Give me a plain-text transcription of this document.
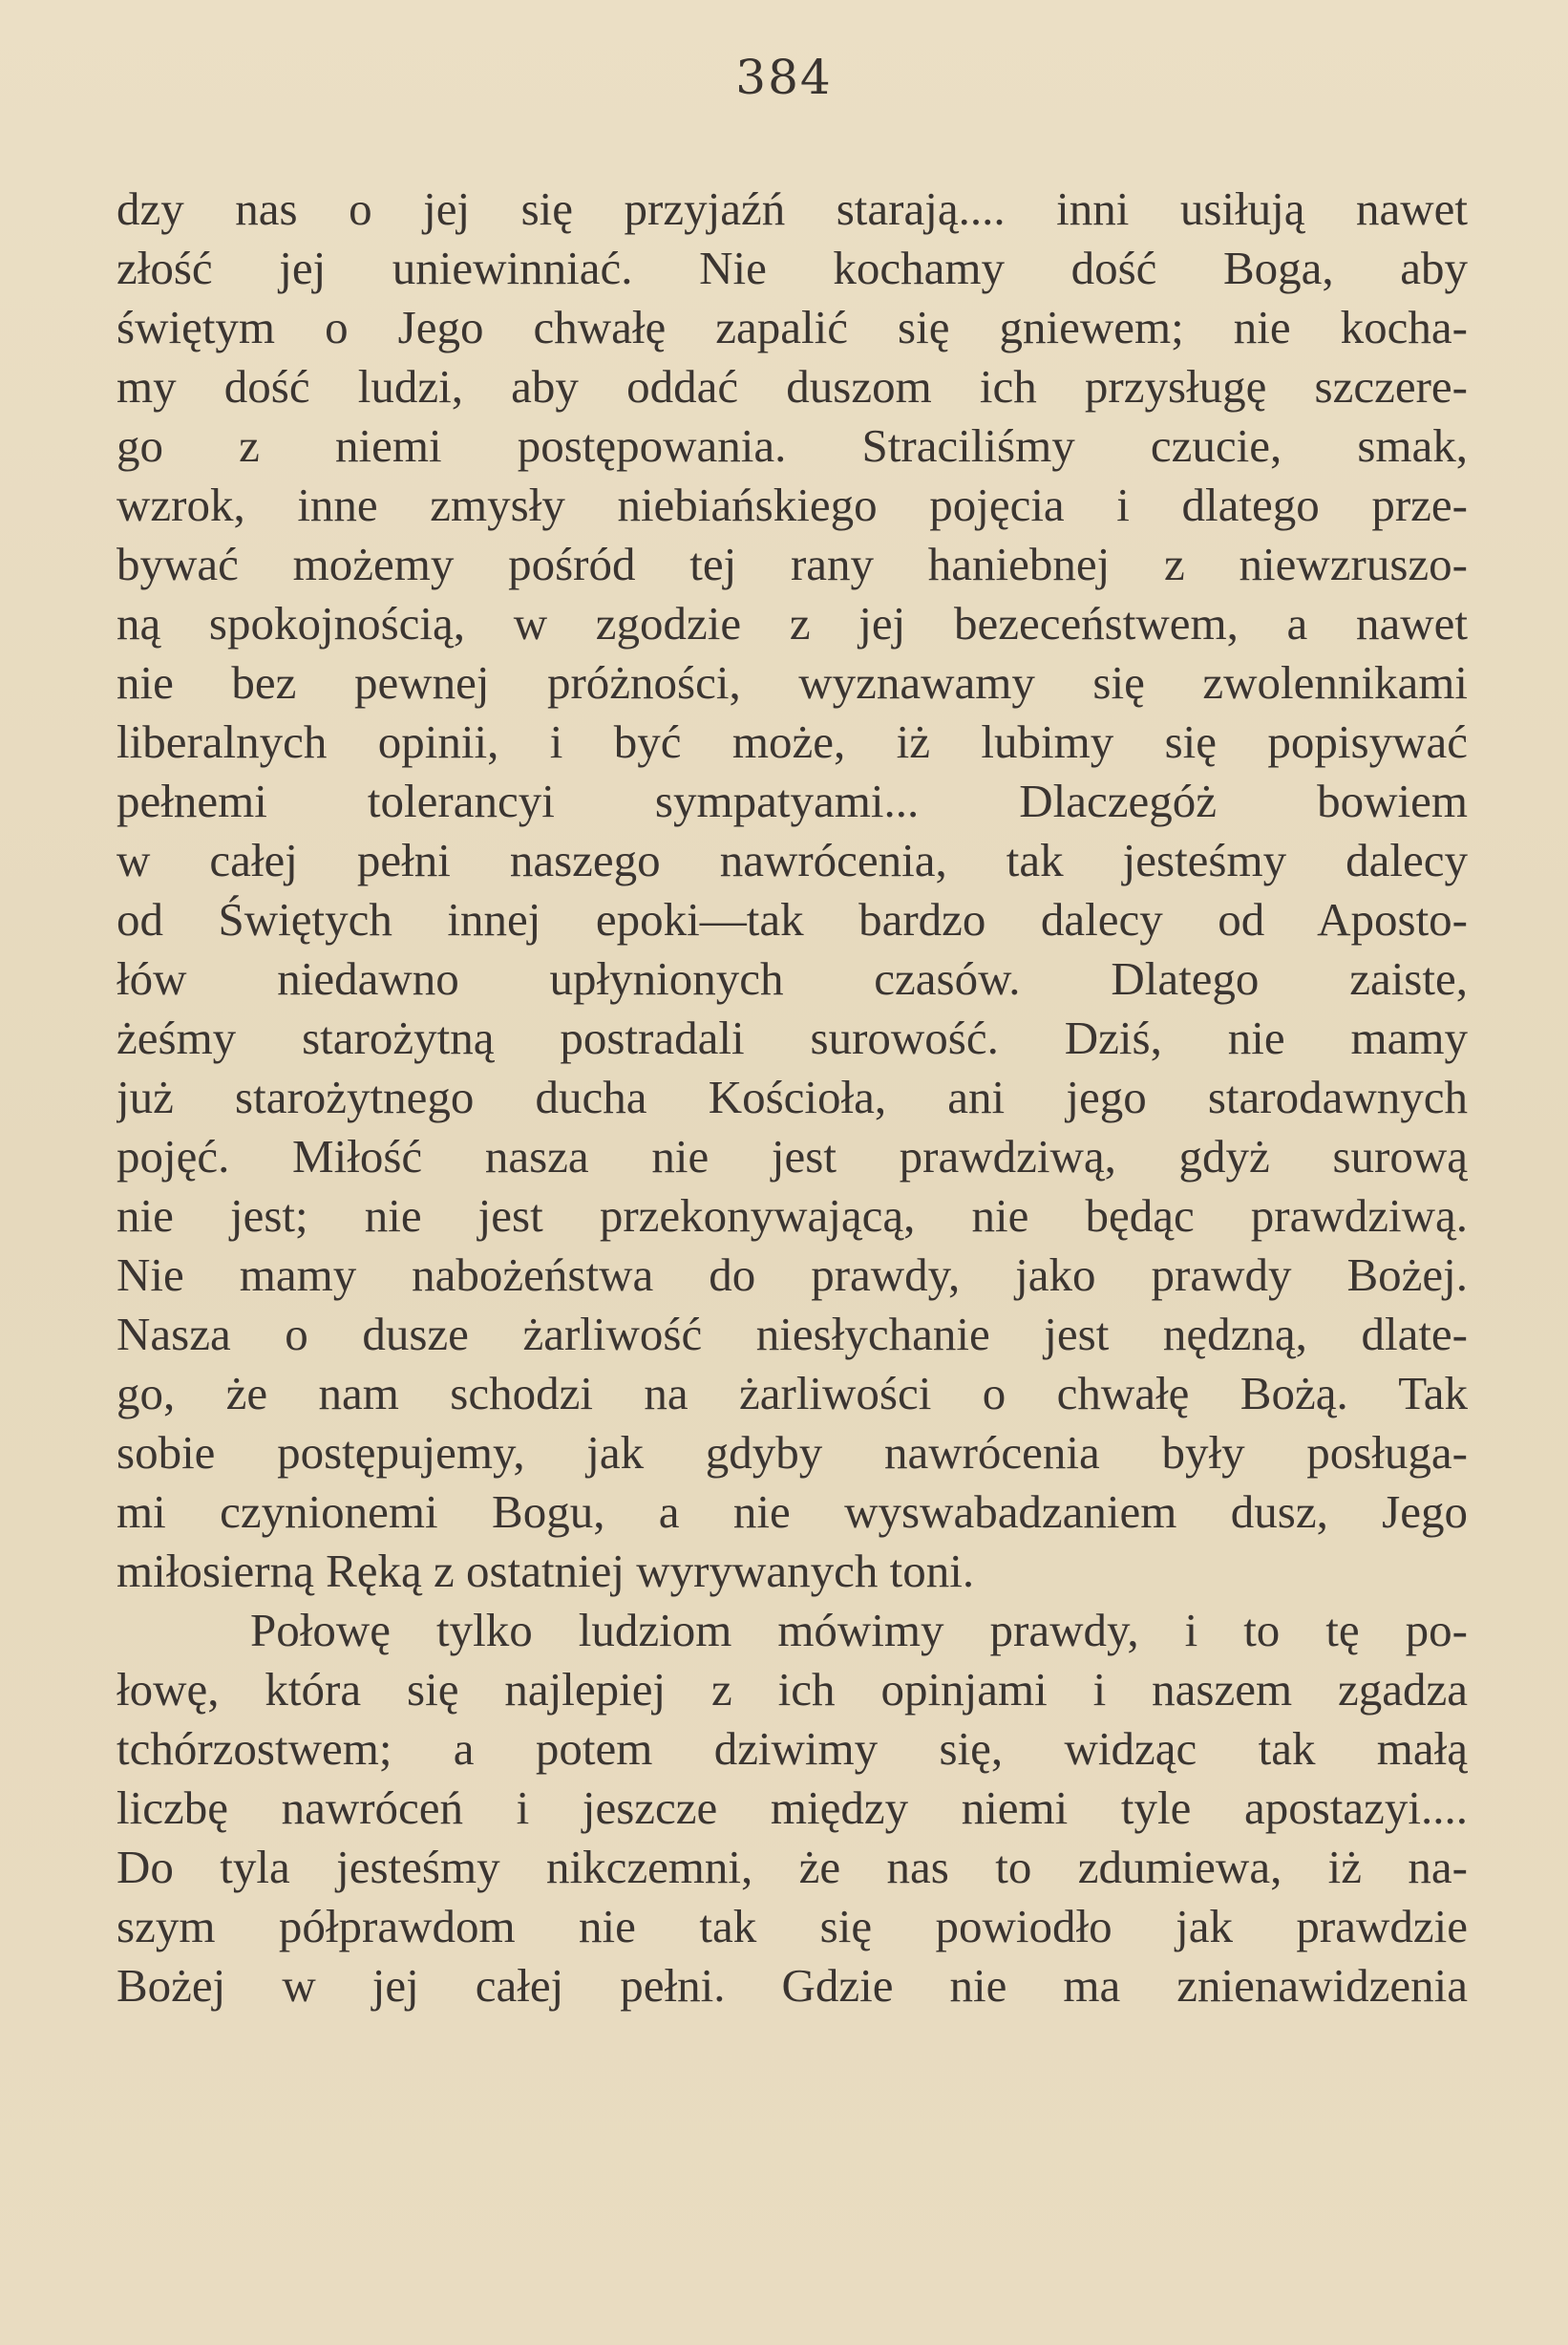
384
dzy nas o jej się przyjaźń starają.... inni usiłują nawet
złość jej uniewinniać. Nie kochamy dość Boga, aby
świętym o Jego chwałę zapalić się gniewem; nie kocha-
my dość ludzi, aby oddać duszom ich przysługę szczere-
go z niemi postępowania. Straciliśmy czucie, smak,
wzrok, inne zmysły niebiańskiego pojęcia i dlatego prze-
bywać możemy pośród tej rany haniebnej z niewzruszo-
ną spokojnością, w zgodzie z jej bezeceństwem, a nawet
nie bez pewnej próżności, wyznawamy się zwolennikami
liberalnych opinii, i być może, iż lubimy się popisywać
pełnemi tolerancyi sympatyami... Dlaczegóż bowiem
w całej pełni naszego nawrócenia, tak jesteśmy dalecy
od Świętych innej epoki—tak bardzo dalecy od Aposto-
łów niedawno upłynionych czasów. Dlatego zaiste,
żeśmy starożytną postradali surowość. Dziś, nie mamy
już starożytnego ducha Kościoła, ani jego starodawnych
pojęć. Miłość nasza nie jest prawdziwą, gdyż surową
nie jest; nie jest przekonywającą, nie będąc prawdziwą.
Nie mamy nabożeństwa do prawdy, jako prawdy Bożej.
Nasza o dusze żarliwość niesłychanie jest nędzną, dlate-
go, że nam schodzi na żarliwości o chwałę Bożą. Tak
sobie postępujemy, jak gdyby nawrócenia były posługa-
mi czynionemi Bogu, a nie wyswabadzaniem dusz, Jego
miłosierną Ręką z ostatniej wyrywanych toni.
Połowę tylko ludziom mówimy prawdy, i to tę po-
łowę, która się najlepiej z ich opinjami i naszem zgadza
tchórzostwem; a potem dziwimy się, widząc tak małą
liczbę nawróceń i jeszcze między niemi tyle apostazyi....
Do tyla jesteśmy nikczemni, że nas to zdumiewa, iż na-
szym półprawdom nie tak się powiodło jak prawdzie
Bożej w jej całej pełni. Gdzie nie ma znienawidzenia
